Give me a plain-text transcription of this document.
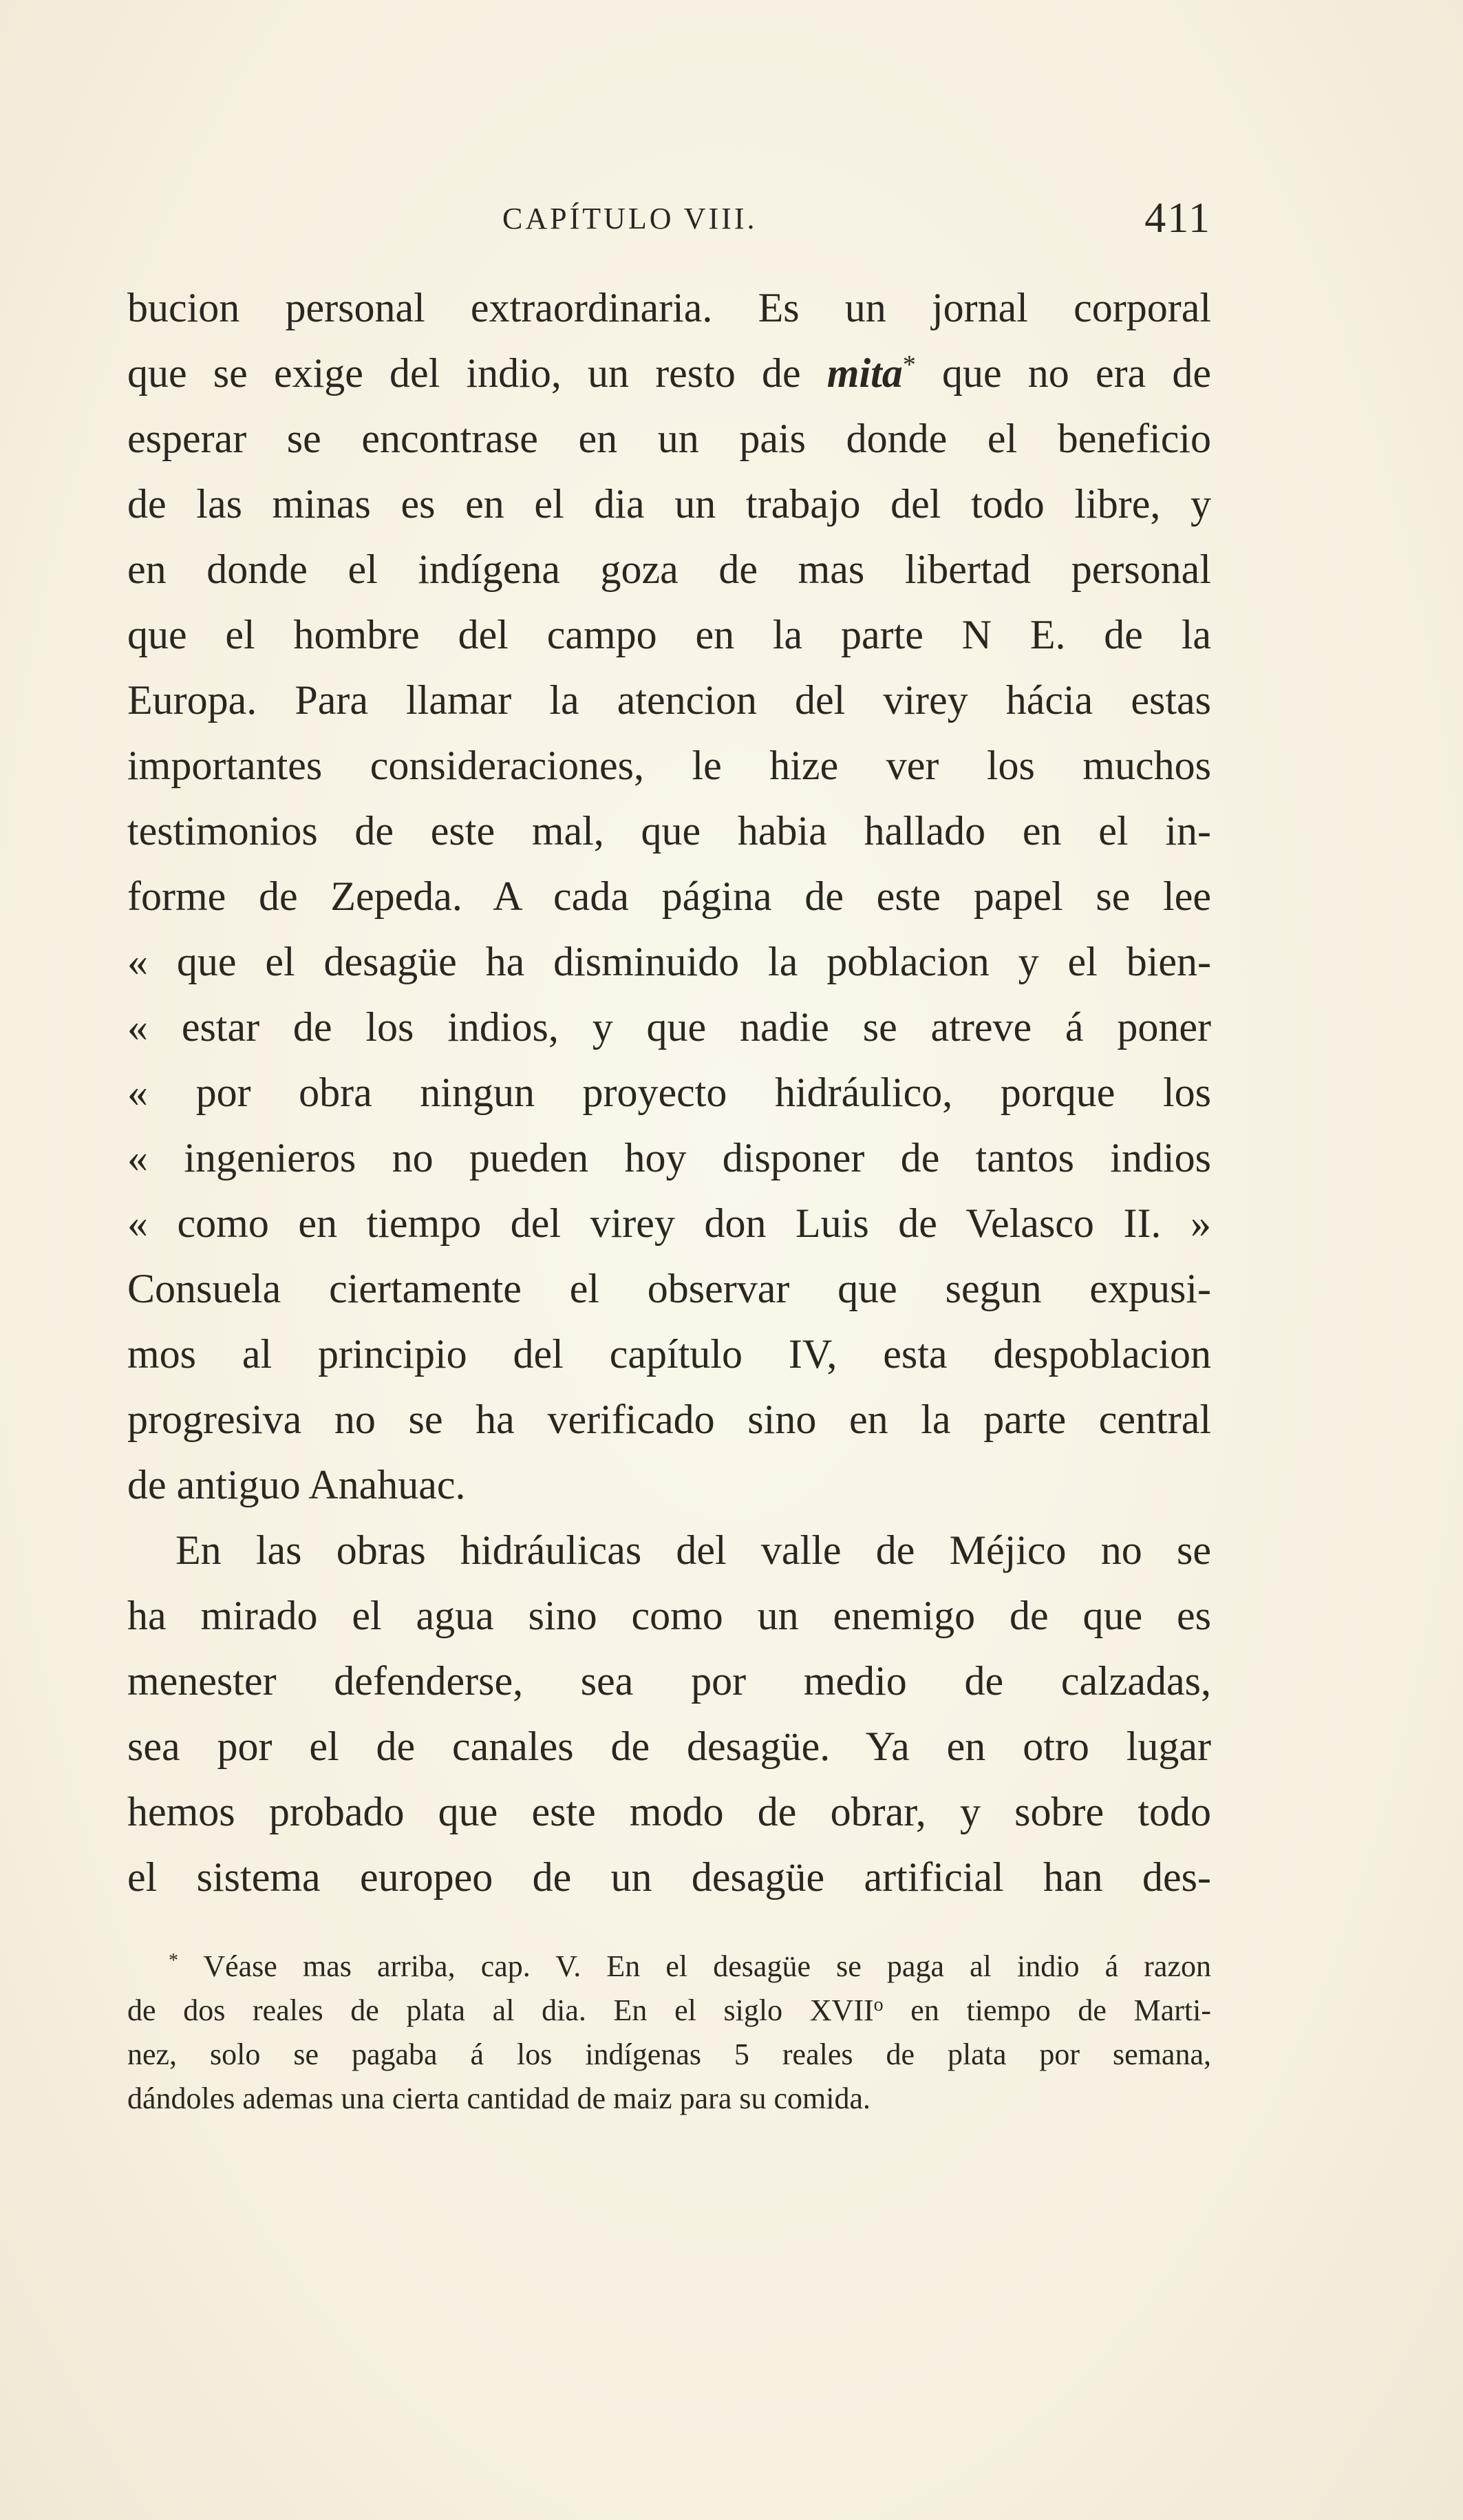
CAPÍTULO VIII.	411
bucion personal extraordinaria. Es un jornal corporal
que se exige del indio, un resto de mita* que no era de
esperar se encontrase en un pais donde el beneficio
de las minas es en el dia un trabajo del todo libre, y
en donde el indígena goza de mas libertad personal
que el hombre del campo en la parte N E. de la
Europa. Para llamar la atencion del virey hácia estas
importantes consideraciones, le hize ver los muchos
testimonios de este mal, que habia hallado en el in-
forme de Zepeda. A cada página de este papel se lee
« que el desagüe ha disminuido la poblacion y el bien-
« estar de los indios, y que nadie se atreve á poner
« por obra ningun proyecto hidráulico, porque los
« ingenieros no pueden hoy disponer de tantos indios
« como en tiempo del virey don Luis de Velasco II. »
Consuela ciertamente el observar que segun expusi-
mos al principio del capítulo IV, esta despoblacion
progresiva no se ha verificado sino en la parte central
de antiguo Anahuac.
En las obras hidráulicas del valle de Méjico no se
ha mirado el agua sino como un enemigo de que es
menester defenderse, sea por medio de calzadas,
sea por el de canales de desagüe. Ya en otro lugar
hemos probado que este modo de obrar, y sobre todo
el sistema europeo de un desagüe artificial han des-
* Véase mas arriba, cap. V. En el desagüe se paga al indio á razon
de dos reales de plata al dia. En el siglo XVII$^o$ en tiempo de Marti-
nez, solo se pagaba á los indígenas 5 reales de plata por semana,
dándoles ademas una cierta cantidad de maiz para su comida.
